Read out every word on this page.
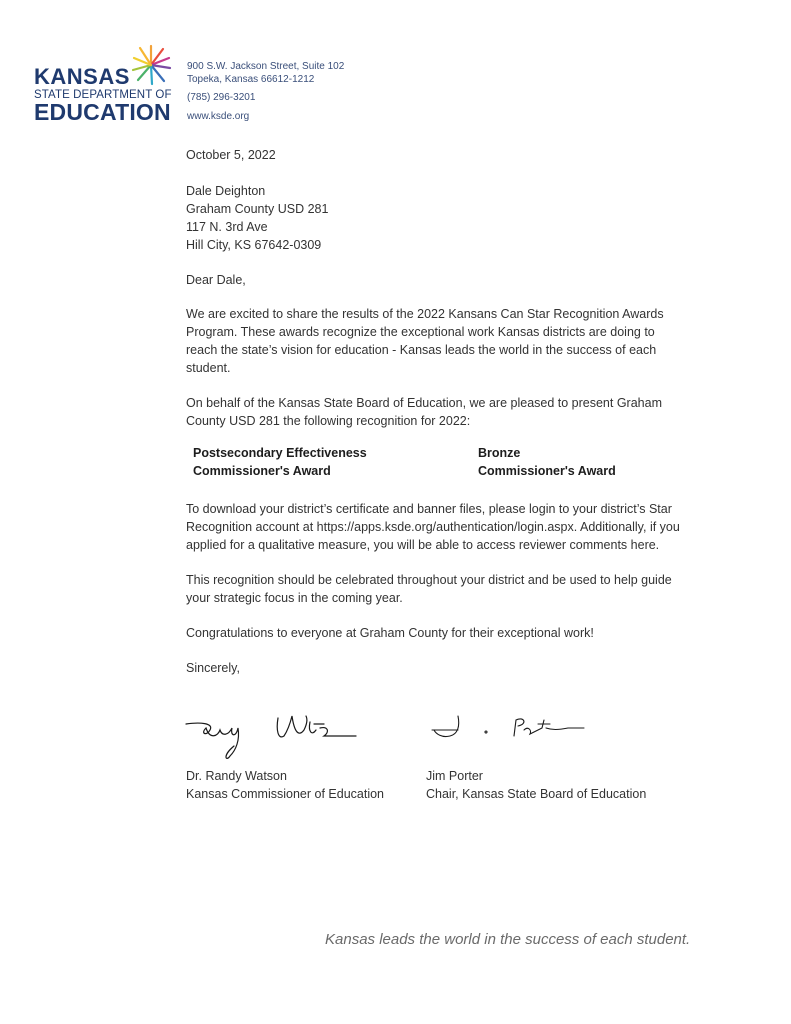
KANSAS
STATE DEPARTMENT OF
EDUCATION
900 S.W. Jackson Street, Suite 102
Topeka, Kansas 66612-1212
(785) 296-3201
www.ksde.org

October 5, 2022

Dale Deighton

Graham County USD 281

117 N. 3rd Ave

Hill City, KS 67642-0309

Dear Dale,

We are excited to share the results of the 2022 Kansans Can Star Recognition Awards Program. These awards recognize the exceptional work Kansas districts are doing to reach the state’s vision for education - Kansas leads the world in the success of each student.

On behalf of the Kansas State Board of Education, we are pleased to present Graham County USD 281 the following recognition for 2022:

Postsecondary Effectiveness
Commissioner's Award
Bronze
Commissioner's Award

To download your district’s certificate and banner files, please login to your district’s Star Recognition account at https://apps.ksde.org/authentication/login.aspx. Additionally, if you applied for a qualitative measure, you will be able to access reviewer comments here.

This recognition should be celebrated throughout your district and be used to help guide your strategic focus in the coming year.

Congratulations to everyone at Graham County for their exceptional work!

Sincerely,

Dr. Randy Watson
Kansas Commissioner of Education
Jim Porter
Chair, Kansas State Board of Education
Kansas leads the world in the success of each student.
